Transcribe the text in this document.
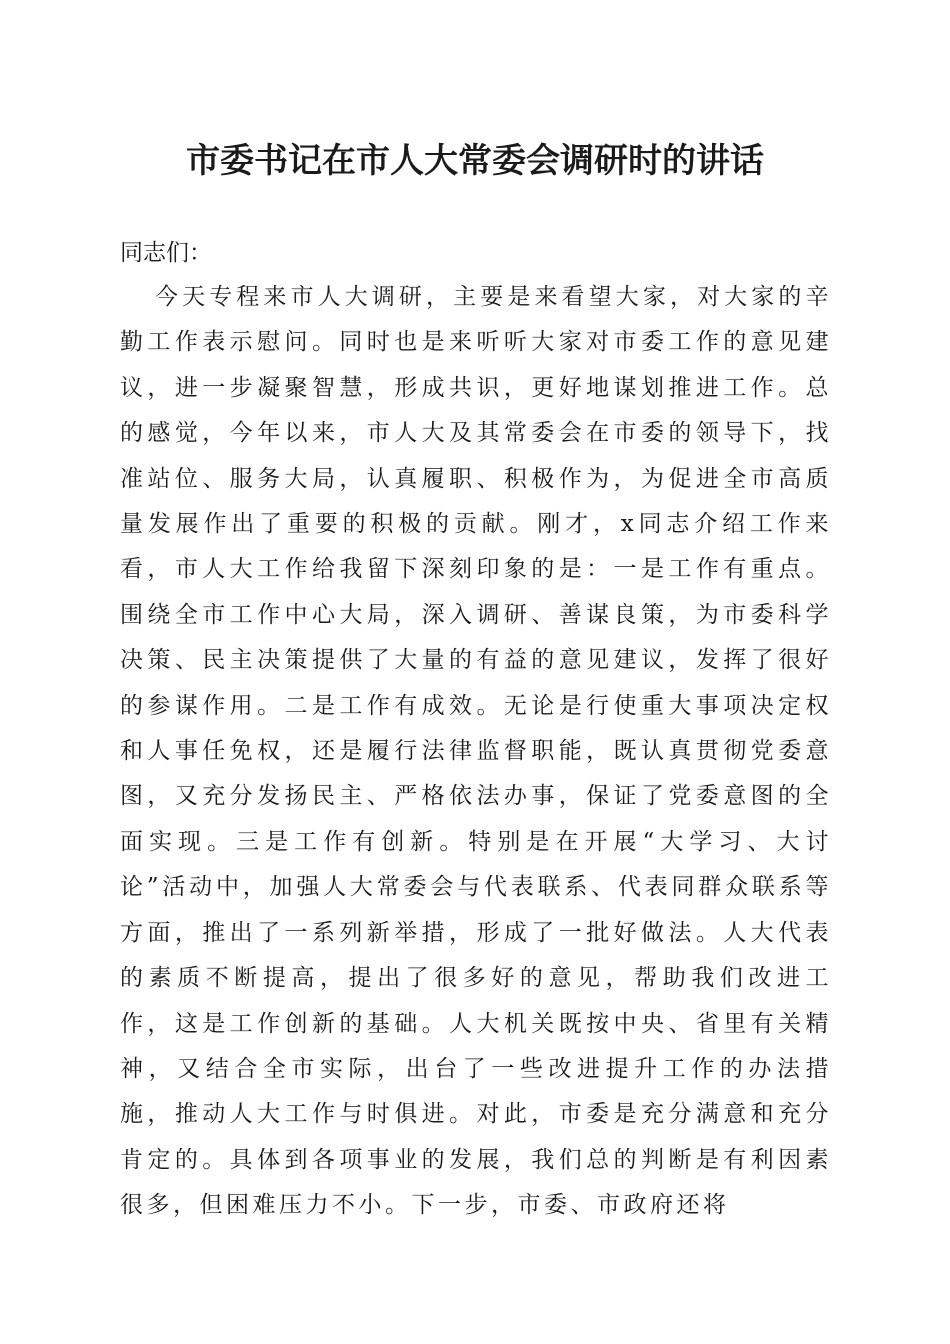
市委书记在市人大常委会调研时的讲话

同志们：

今天专程来市人大调研，主要是来看望大家，对大家的辛勤工作表示慰问。同时也是来听听大家对市委工作的意见建议，进一步凝聚智慧，形成共识，更好地谋划推进工作。总的感觉，今年以来，市人大及其常委会在市委的领导下，找准站位、服务大局，认真履职、积极作为，为促进全市高质量发展作出了重要的积极的贡献。刚才，x同志介绍工作来看，市人大工作给我留下深刻印象的是：一是工作有重点。围绕全市工作中心大局，深入调研、善谋良策，为市委科学决策、民主决策提供了大量的有益的意见建议，发挥了很好的参谋作用。二是工作有成效。无论是行使重大事项决定权和人事任免权，还是履行法律监督职能，既认真贯彻党委意图，又充分发扬民主、严格依法办事，保证了党委意图的全面实现。三是工作有创新。特别是在开展“大学习、大讨论”活动中，加强人大常委会与代表联系、代表同群众联系等方面，推出了一系列新举措，形成了一批好做法。人大代表的素质不断提高，提出了很多好的意见，帮助我们改进工作，这是工作创新的基础。人大机关既按中央、省里有关精神，又结合全市实际，出台了一些改进提升工作的办法措施，推动人大工作与时俱进。对此，市委是充分满意和充分肯定的。具体到各项事业的发展，我们总的判断是有利因素很多，但困难压力不小。下一步，市委、市政府还将
